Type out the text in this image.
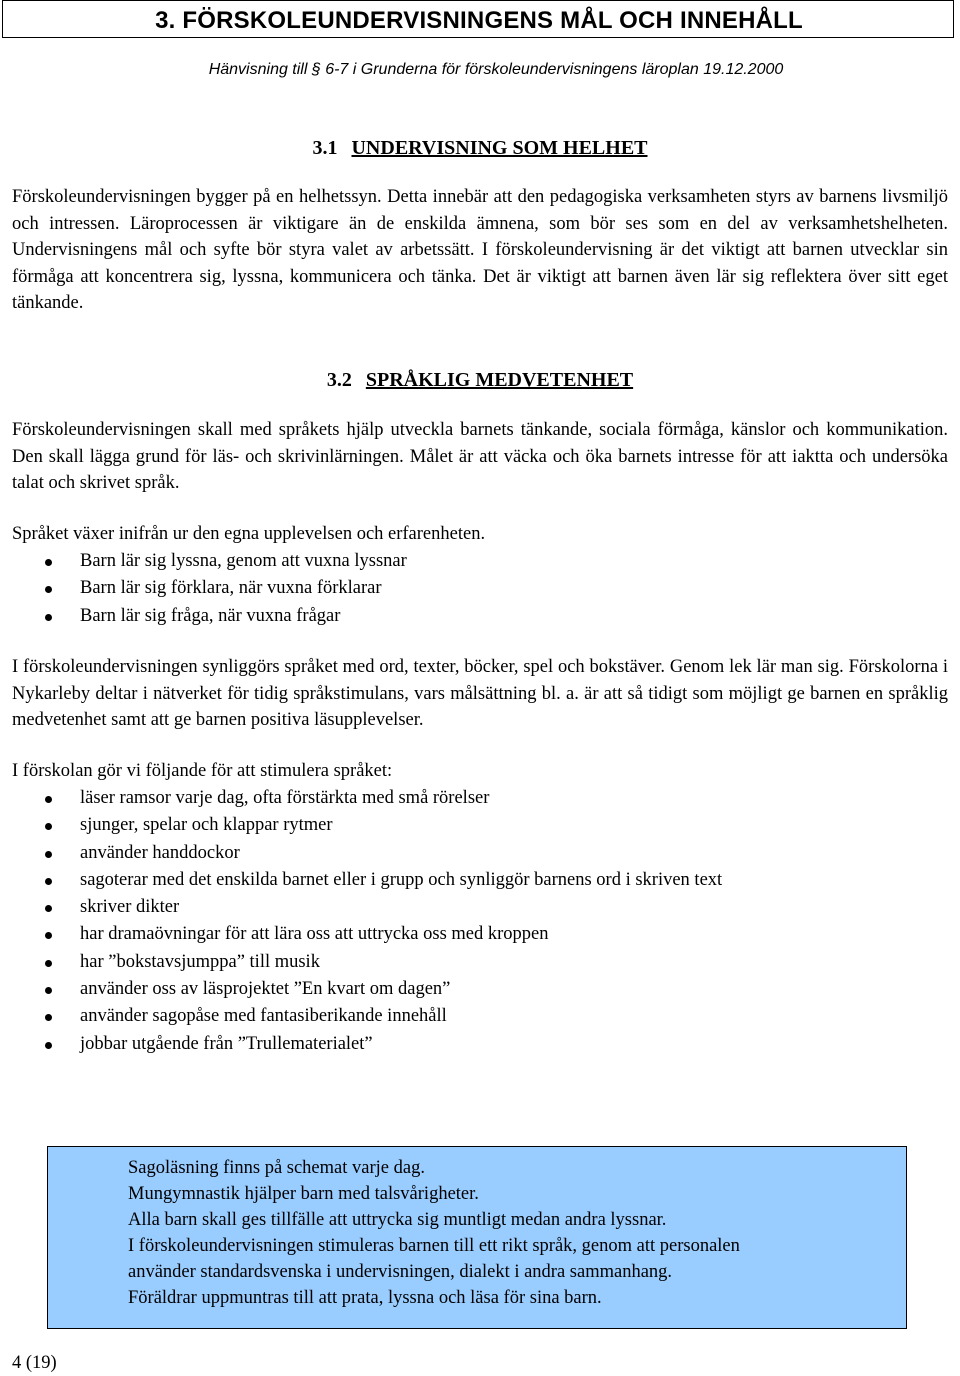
3. FÖRSKOLEUNDERVISNINGENS MÅL OCH INNEHÅLL
Hänvisning till § 6-7 i Grunderna för förskoleundervisningens läroplan 19.12.2000
3.1 UNDERVISNING SOM HELHET
Förskoleundervisningen bygger på en helhetssyn. Detta innebär att den pedagogiska verksamheten styrs av barnens livsmiljö och intressen. Läroprocessen är viktigare än de enskilda ämnena, som bör ses som en del av verksamhetshelheten. Undervisningens mål och syfte bör styra valet av arbetssätt. I förskoleundervisning är det viktigt att barnen utvecklar sin förmåga att koncentrera sig, lyssna, kommunicera och tänka. Det är viktigt att barnen även lär sig reflektera över sitt eget tänkande.
3.2 SPRÅKLIG MEDVETENHET
Förskoleundervisningen skall med språkets hjälp utveckla barnets tänkande, sociala förmåga, känslor och kommunikation. Den skall lägga grund för läs- och skrivinlärningen. Målet är att väcka och öka barnets intresse för att iaktta och undersöka talat och skrivet språk.
Språket växer inifrån ur den egna upplevelsen och erfarenheten.
Barn lär sig lyssna, genom att vuxna lyssnar
Barn lär sig förklara, när vuxna förklarar
Barn lär sig fråga, när vuxna frågar
I förskoleundervisningen synliggörs språket med ord, texter, böcker, spel och bokstäver. Genom lek lär man sig. Förskolorna i Nykarleby deltar i nätverket för tidig språkstimulans, vars målsättning bl. a. är att så tidigt som möjligt ge barnen en språklig medvetenhet samt att ge barnen positiva läsupplevelser.
I förskolan gör vi följande för att stimulera språket:
läser ramsor varje dag, ofta förstärkta med små rörelser
sjunger, spelar och klappar rytmer
använder handdockor
sagoterar med det enskilda barnet eller i grupp och synliggör barnens ord i skriven text
skriver dikter
har dramaövningar för att lära oss att uttrycka oss med kroppen
har ”bokstavsjumppa” till musik
använder oss av läsprojektet ”En kvart om dagen”
använder sagopåse med fantasiberikande innehåll
jobbar utgående från ”Trullematerialet”
Sagoläsning finns på schemat varje dag.
Mungymnastik hjälper barn med talsvårigheter.
Alla barn skall ges tillfälle att uttrycka sig muntligt medan andra lyssnar.
I förskoleundervisningen stimuleras barnen till ett rikt språk, genom att personalen
använder standardsvenska i undervisningen, dialekt i andra sammanhang.
Föräldrar uppmuntras till att prata, lyssna och läsa för sina barn.
4 (19)
